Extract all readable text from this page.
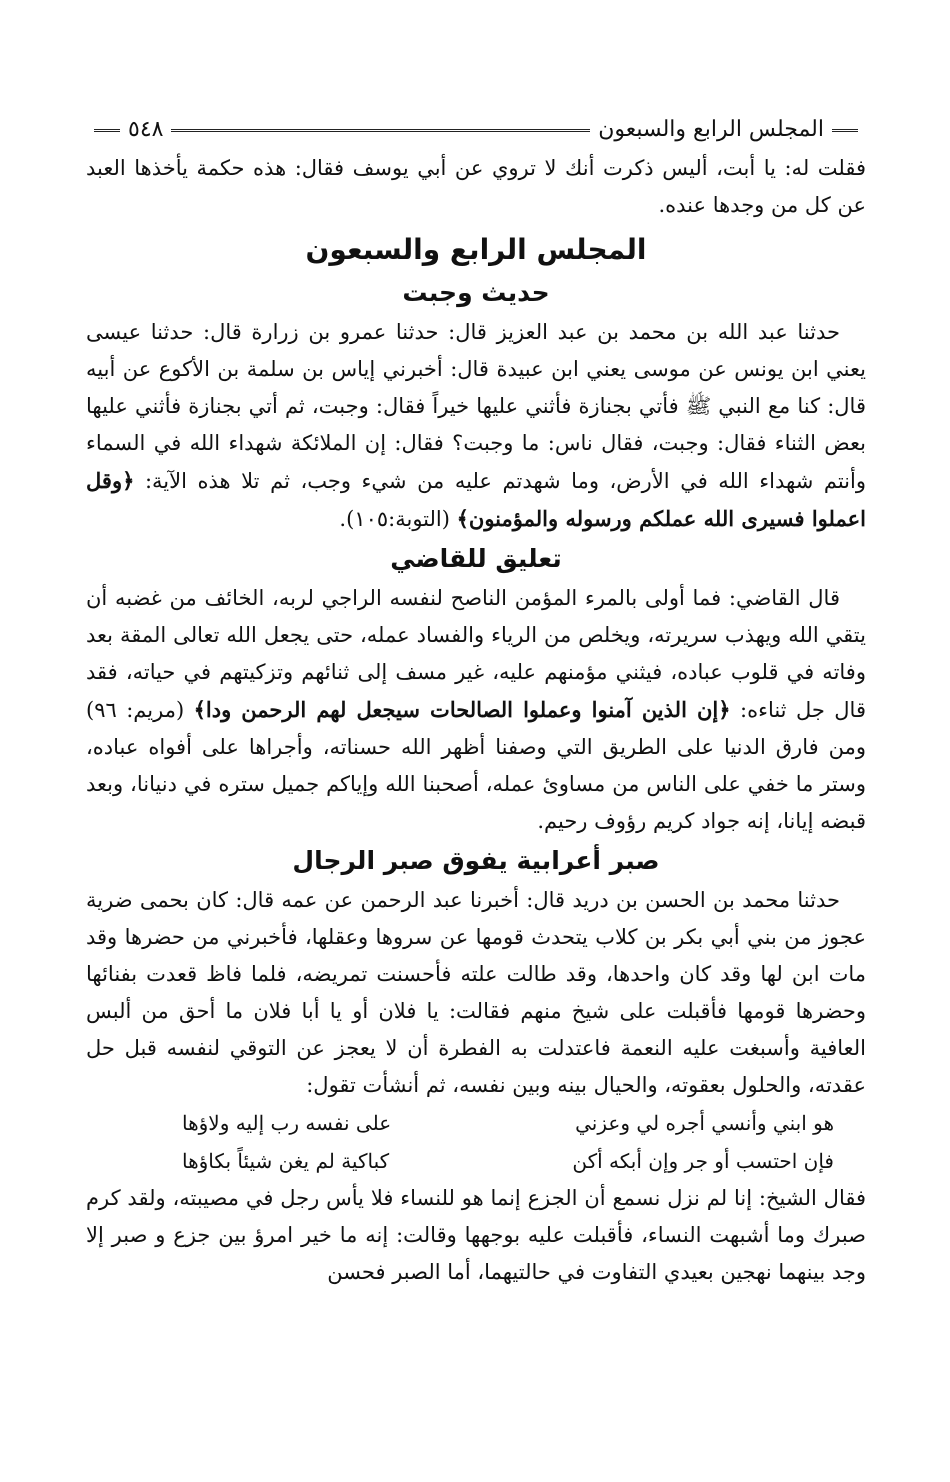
المجلس الرابع والسبعون
٥٤٨

فقلت له: يا أبت، أليس ذكرت أنك لا تروي عن أبي يوسف فقال: هذه حكمة يأخذها العبد عن كل من وجدها عنده.

المجلس الرابع والسبعون
حديث وجبت

حدثنا عبد الله بن محمد بن عبد العزيز قال: حدثنا عمرو بن زرارة قال: حدثنا عيسى يعني ابن يونس عن موسى يعني ابن عبيدة قال: أخبرني إياس بن سلمة بن الأكوع عن أبيه قال: كنا مع النبي ﷺ فأتي بجنازة فأثني عليها خيراً فقال: وجبت، ثم أتي بجنازة فأثني عليها بعض الثناء فقال: وجبت، فقال ناس: ما وجبت؟ فقال: إن الملائكة شهداء الله في السماء وأنتم شهداء الله في الأرض، وما شهدتم عليه من شيء وجب، ثم تلا هذه الآية: ﴿وقل اعملوا فسيرى الله عملكم ورسوله والمؤمنون﴾ (التوبة:١٠٥).

تعليق للقاضي

قال القاضي: فما أولى بالمرء المؤمن الناصح لنفسه الراجي لربه، الخائف من غضبه أن يتقي الله ويهذب سريرته، ويخلص من الرياء والفساد عمله، حتى يجعل الله تعالى المقة بعد وفاته في قلوب عباده، فيثني مؤمنهم عليه، غير مسف إلى ثنائهم وتزكيتهم في حياته، فقد قال جل ثناءه: ﴿إن الذين آمنوا وعملوا الصالحات سيجعل لهم الرحمن ودا﴾ (مريم: ٩٦) ومن فارق الدنيا على الطريق التي وصفنا أظهر الله حسناته، وأجراها على أفواه عباده، وستر ما خفي على الناس من مساوئ عمله، أصحبنا الله وإياكم جميل ستره في دنيانا، وبعد قبضه إيانا، إنه جواد كريم رؤوف رحيم.

صبر أعرابية يفوق صبر الرجال

حدثنا محمد بن الحسن بن دريد قال: أخبرنا عبد الرحمن عن عمه قال: كان بحمى ضرية عجوز من بني أبي بكر بن كلاب يتحدث قومها عن سروها وعقلها، فأخبرني من حضرها وقد مات ابن لها وقد كان واحدها، وقد طالت علته فأحسنت تمريضه، فلما فاظ قعدت بفنائها وحضرها قومها فأقبلت على شيخ منهم فقالت: يا فلان أو يا أبا فلان ما أحق من ألبس العافية وأسبغت عليه النعمة فاعتدلت به الفطرة أن لا يعجز عن التوقي لنفسه قبل حل عقدته، والحلول بعقوته، والحيال بينه وبين نفسه، ثم أنشأت تقول:

هو ابني وأنسي أجره لي وعزني
على نفسه رب إليه ولاؤها
فإن احتسب أو جر وإن أبكه أكن
كباكية لم يغن شيئاً بكاؤها

فقال الشيخ: إنا لم نزل نسمع أن الجزع إنما هو للنساء فلا يأس رجل في مصيبته، ولقد كرم صبرك وما أشبهت النساء، فأقبلت عليه بوجهها وقالت: إنه ما خير امرؤ بين جزع و صبر إلا وجد بينهما نهجين بعيدي التفاوت في حالتيهما، أما الصبر فحسن
